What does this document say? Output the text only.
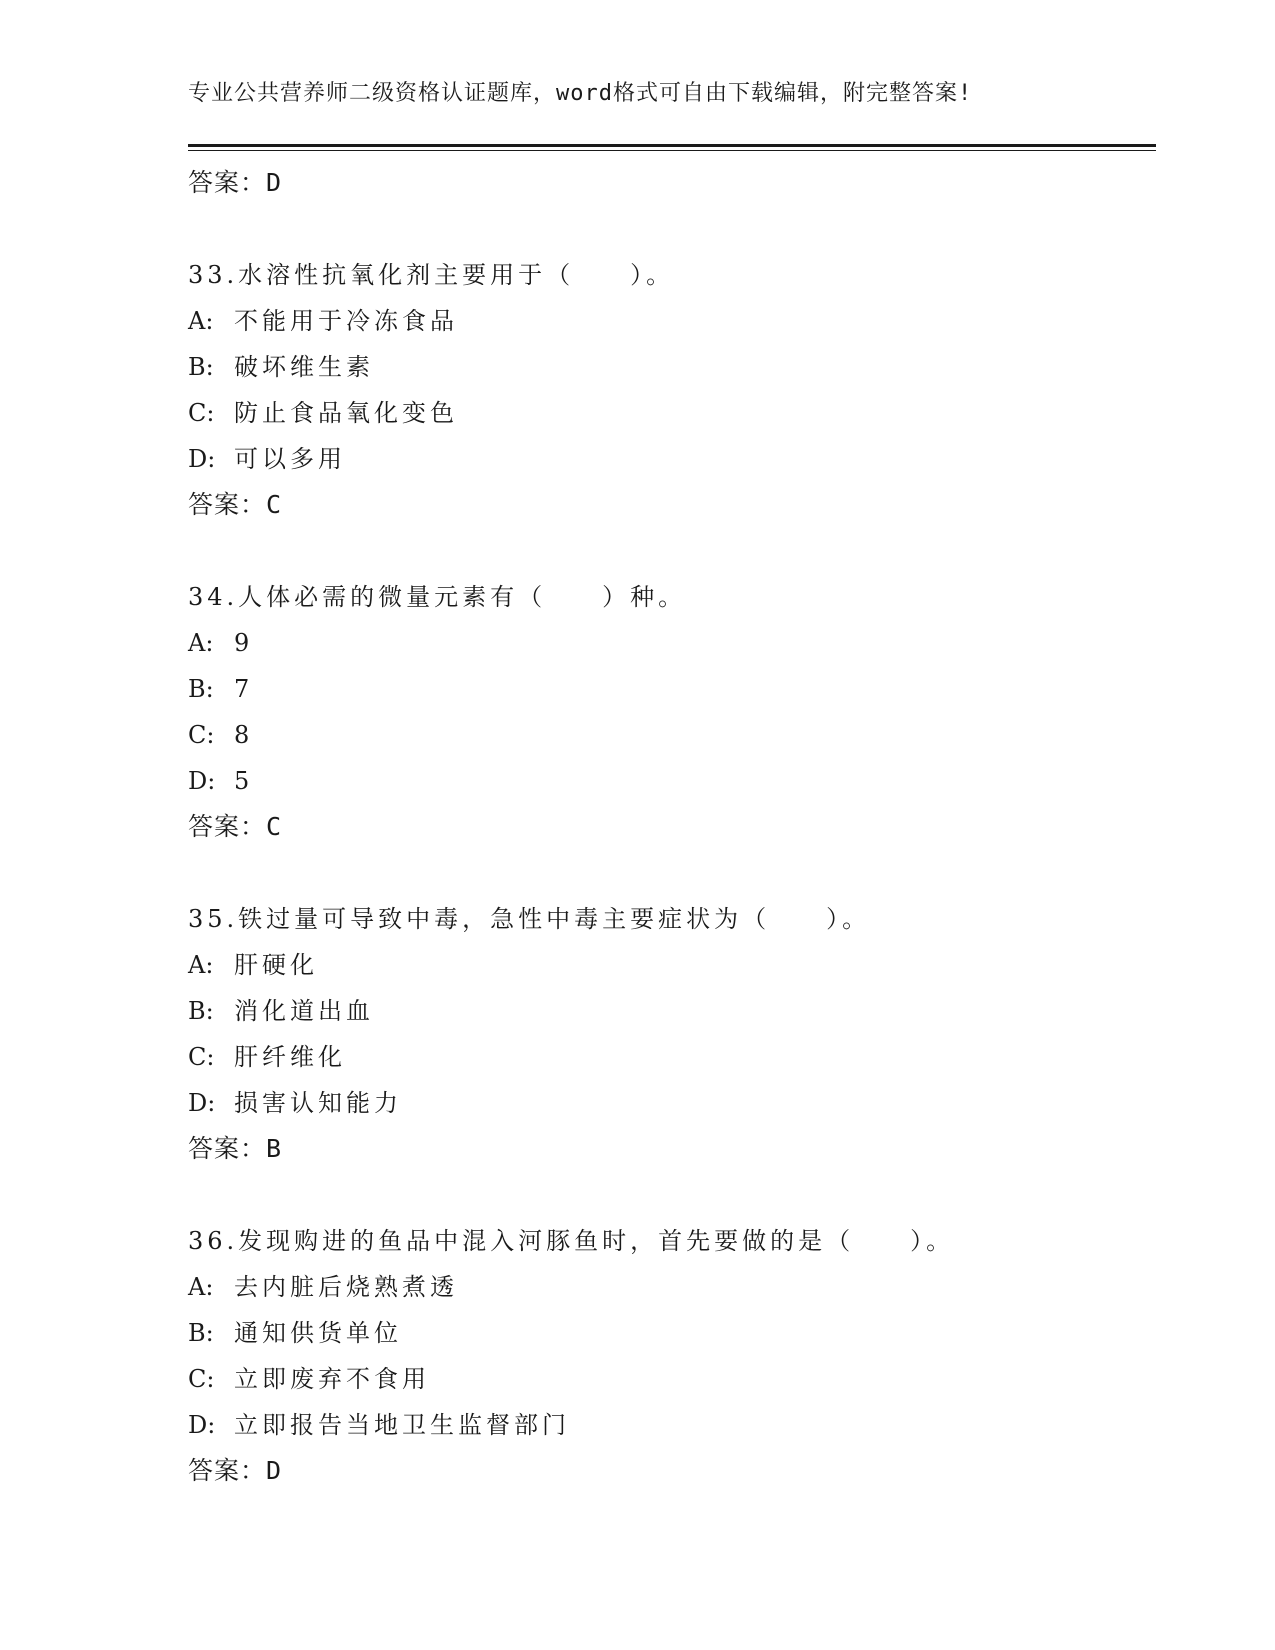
专业公共营养师二级资格认证题库，word格式可自由下载编辑，附完整答案!
答案：D
33.水溶性抗氧化剂主要用于（　　）。
A: 不能用于冷冻食品
B: 破坏维生素
C: 防止食品氧化变色
D: 可以多用
答案：C
34.人体必需的微量元素有（　　）种。
A: 9
B: 7
C: 8
D: 5
答案：C
35.铁过量可导致中毒，急性中毒主要症状为（　　）。
A: 肝硬化
B: 消化道出血
C: 肝纤维化
D: 损害认知能力
答案：B
36.发现购进的鱼品中混入河豚鱼时，首先要做的是（　　）。
A: 去内脏后烧熟煮透
B: 通知供货单位
C: 立即废弃不食用
D: 立即报告当地卫生监督部门
答案：D
